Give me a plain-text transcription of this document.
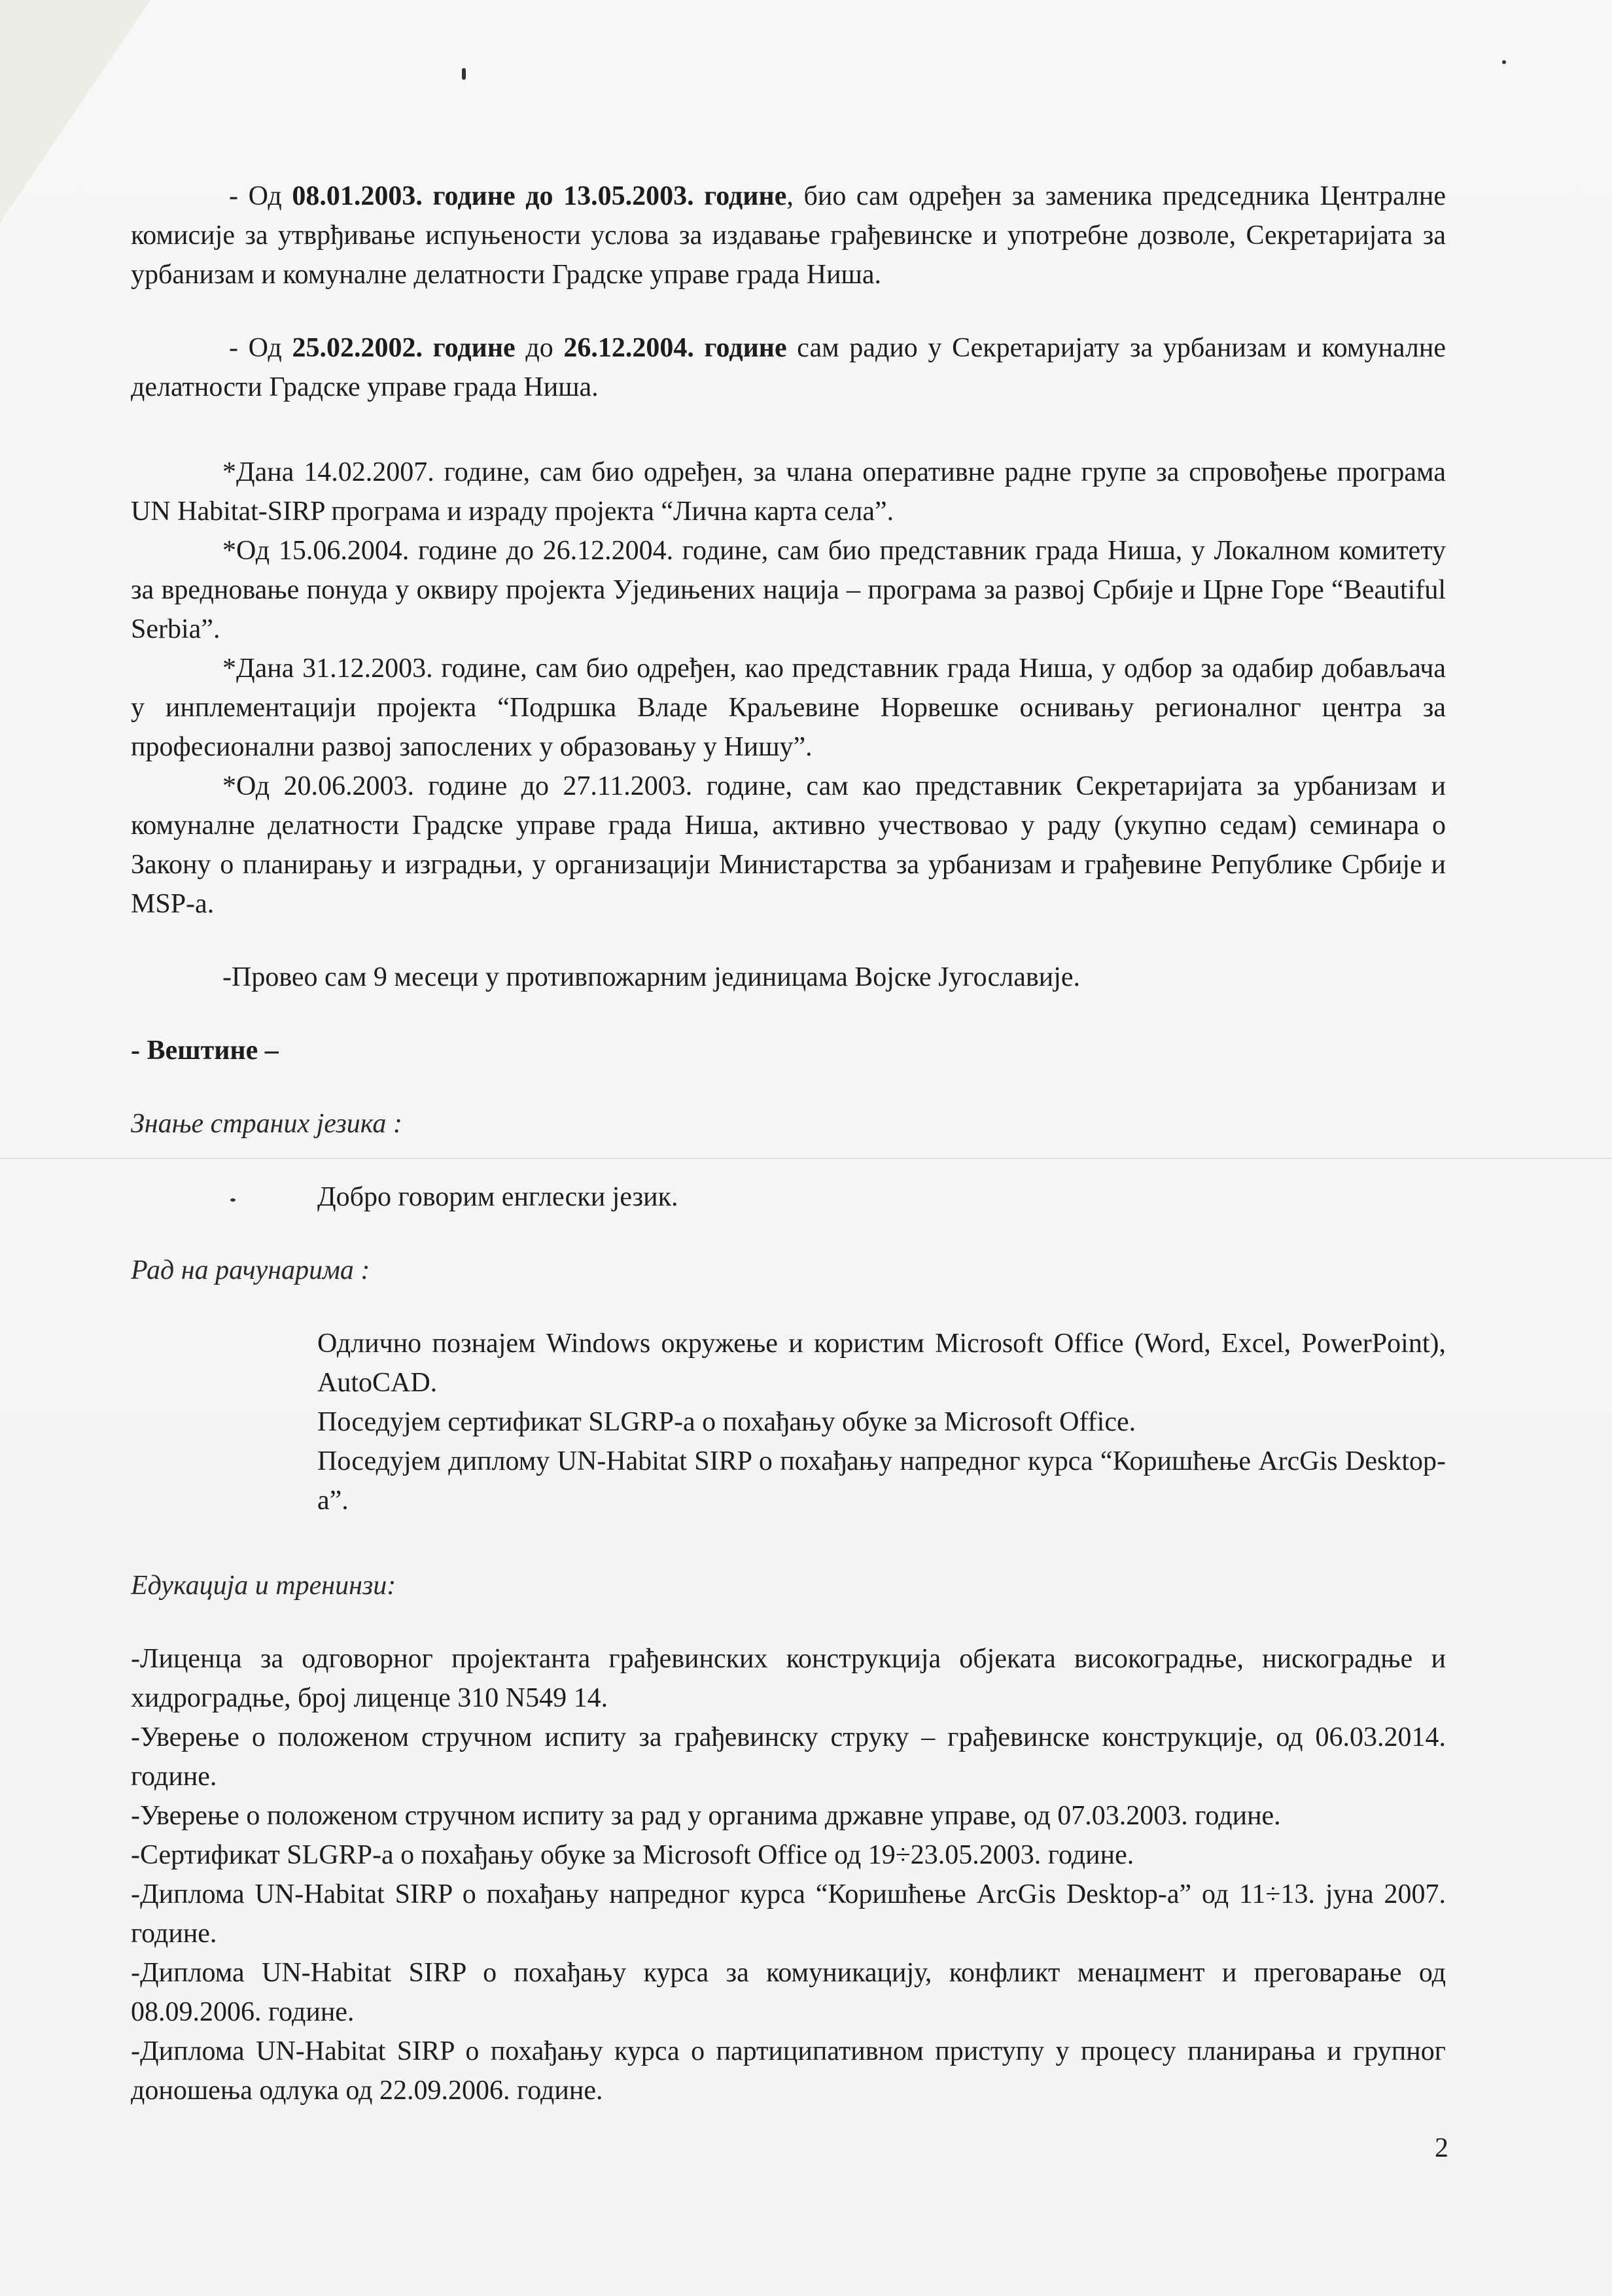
- Од 08.01.2003. године до 13.05.2003. године, био сам одређен за заменика председника Централне комисије за утврђивање испуњености услова за издавање грађевинске и употребне дозволе, Секретаријата за урбанизам и комуналне делатности Градске управе града Ниша.

- Од 25.02.2002. године до 26.12.2004. године сам радио у Секретаријату за урбанизам и комуналне делатности Градске управе града Ниша.

*Дана 14.02.2007. године, сам био одређен, за члана оперативне радне групе за спровођење програма UN Habitat-SIRP програма и израду пројекта “Лична карта села”.

*Од 15.06.2004. године до 26.12.2004. године, сам био представник града Ниша, у Локалном комитету за вредновање понуда у оквиру пројекта Уједињених нација – програма за развој Србије и Црне Горе “Beautiful Serbia”.

*Дана 31.12.2003. године, сам био одређен, као представник града Ниша, у одбор за одабир добављача у инплементацији пројекта “Подршка Владе Краљевине Норвешке оснивању регионалног центра за професионални развој запослених у образовању у Нишу”.

*Од 20.06.2003. године до 27.11.2003. године, сам као представник Секретаријата за урбанизам и комуналне делатности Градске управе града Ниша, активно учествовао у раду (укупно седам) семинара о Закону о планирању и изградњи, у организацији Министарства за урбанизам и грађевине Републике Србије и MSP-а.

-Провео сам 9 месеци у противпожарним јединицама Војске Југославије.

- Вештине –

Знање страних језика :

Добро говорим енглески језик.

Рад на рачунарима :

Одлично познајем Windows окружење и користим Microsoft Office (Word, Excel, PowerPoint), AutoCAD.

Поседујем сертификат SLGRP-а о похађању обуке за Microsoft Office.

Поседујем диплому UN-Habitat SIRP о похађању напредног курса “Коришћење ArcGis Desktop-а”.

Едукација и тренинзи:

-Лиценца за одговорног пројектанта грађевинских конструкција објеката високоградње, нискоградње и хидроградње, број лиценце 310 N549 14.

-Уверење о положеном стручном испиту за грађевинску струку – грађевинске конструкције, од 06.03.2014. године.

-Уверење о положеном стручном испиту за рад у органима државне управе, од 07.03.2003. године.

-Сертификат SLGRP-а о похађању обуке за Microsoft Office од 19÷23.05.2003. године.

-Диплома UN-Habitat SIRP о похађању напредног курса “Коришћење ArcGis Desktop-а” од 11÷13. јуна 2007. године.

-Диплома UN-Habitat SIRP о похађању курса за комуникацију, конфликт менаџмент и преговарање од 08.09.2006. године.

-Диплома UN-Habitat SIRP о похађању курса о партиципативном приступу у процесу планирања и групног доношења одлука од 22.09.2006. године.

2
